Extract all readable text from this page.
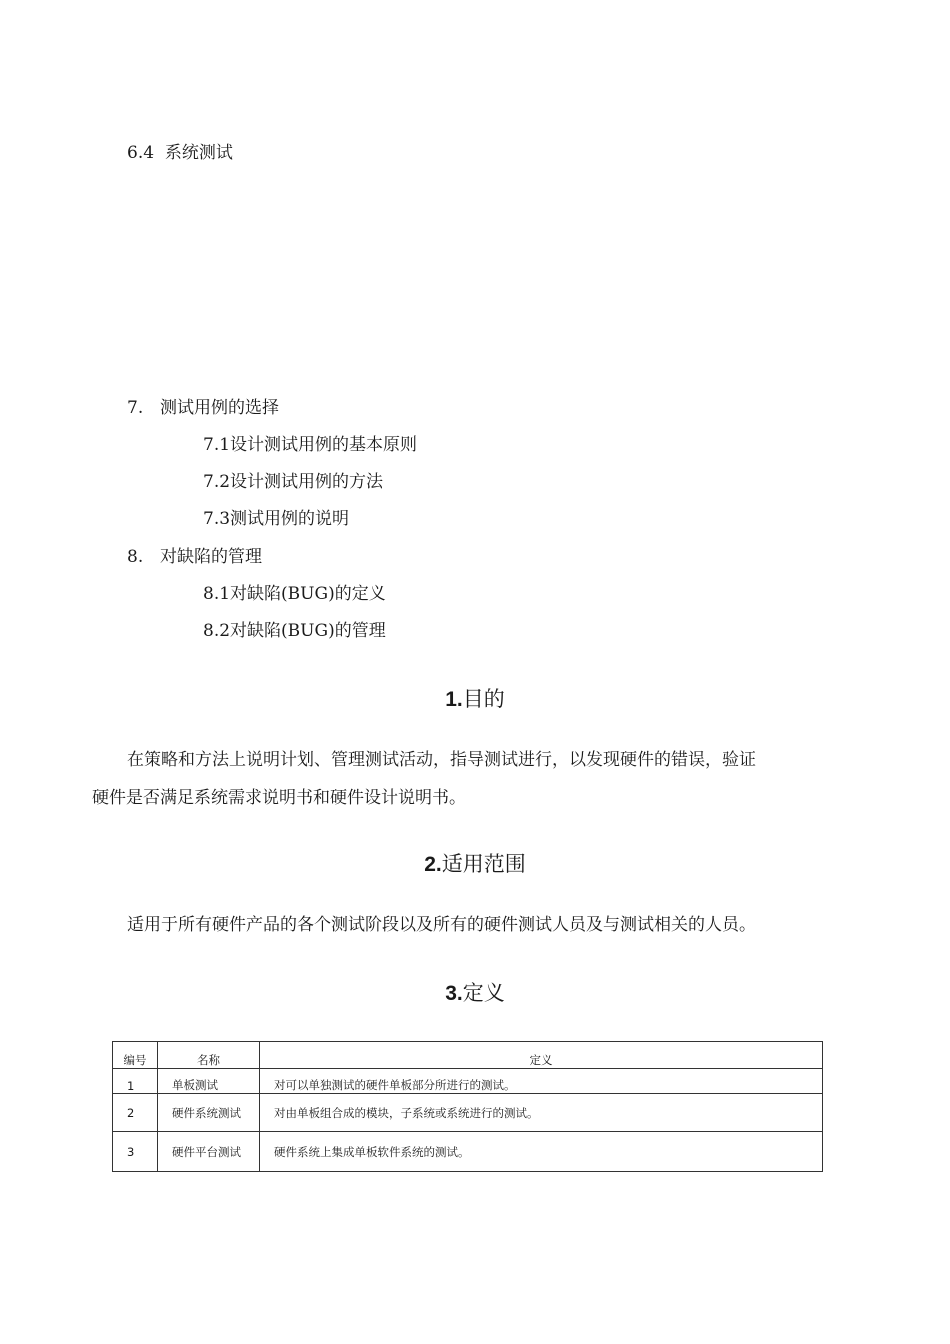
6.4 系统测试
7. 测试用例的选择
7.1设计测试用例的基本原则
7.2设计测试用例的方法
7.3测试用例的说明
8. 对缺陷的管理
8.1对缺陷(BUG)的定义
8.2对缺陷(BUG)的管理
1.目的
在策略和方法上说明计划、管理测试活动，指导测试进行，以发现硬件的错误，验证
硬件是否满足系统需求说明书和硬件设计说明书。
2.适用范围
适用于所有硬件产品的各个测试阶段以及所有的硬件测试人员及与测试相关的人员。
3.定义
编号	名称	定义
1	单板测试	对可以单独测试的硬件单板部分所进行的测试。
2	硬件系统测试	对由单板组合成的模块，子系统或系统进行的测试。
3	硬件平台测试	硬件系统上集成单板软件系统的测试。
